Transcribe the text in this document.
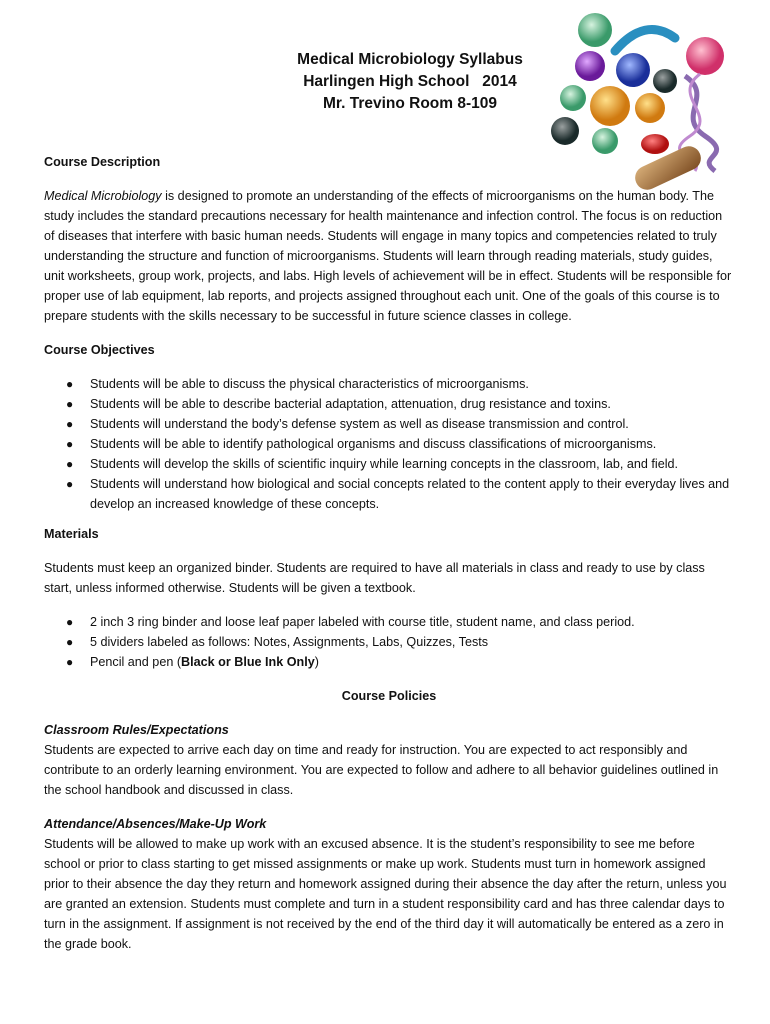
Medical Microbiology Syllabus
Harlingen High School   2014
Mr. Trevino Room 8-109

Course Description

Medical Microbiology is designed to promote an understanding of the effects of microorganisms on the human body. The study includes the standard precautions necessary for health maintenance and infection control. The focus is on reduction of diseases that interfere with basic human needs. Students will engage in many topics and competencies related to truly understanding the structure and function of microorganisms. Students will learn through reading materials, study guides, unit worksheets, group work, projects, and labs. High levels of achievement will be in effect. Students will be responsible for proper use of lab equipment, lab reports, and projects assigned throughout each unit. One of the goals of this course is to prepare students with the skills necessary to be successful in future science classes in college.

Course Objectives

● Students will be able to discuss the physical characteristics of microorganisms.
● Students will be able to describe bacterial adaptation, attenuation, drug resistance and toxins.
● Students will understand the body’s defense system as well as disease transmission and control.
● Students will be able to identify pathological organisms and discuss classifications of microorganisms.
● Students will develop the skills of scientific inquiry while learning concepts in the classroom, lab, and field.
● Students will understand how biological and social concepts related to the content apply to their everyday lives and develop an increased knowledge of these concepts.

Materials

Students must keep an organized binder. Students are required to have all materials in class and ready to use by class start, unless informed otherwise. Students will be given a textbook.

● 2 inch 3 ring binder and loose leaf paper labeled with course title, student name, and class period.
● 5 dividers labeled as follows: Notes, Assignments, Labs, Quizzes, Tests
● Pencil and pen (Black or Blue Ink Only)

Course Policies

Classroom Rules/Expectations

Students are expected to arrive each day on time and ready for instruction. You are expected to act responsibly and contribute to an orderly learning environment. You are expected to follow and adhere to all behavior guidelines outlined in the school handbook and discussed in class.

Attendance/Absences/Make-Up Work

Students will be allowed to make up work with an excused absence. It is the student’s responsibility to see me before school or prior to class starting to get missed assignments or make up work. Students must turn in homework assigned prior to their absence the day they return and homework assigned during their absence the day after the return, unless you are granted an extension. Students must complete and turn in a student responsibility card and has three calendar days to turn in the assignment. If assignment is not received by the end of the third day it will automatically be entered as a zero in the grade book.
